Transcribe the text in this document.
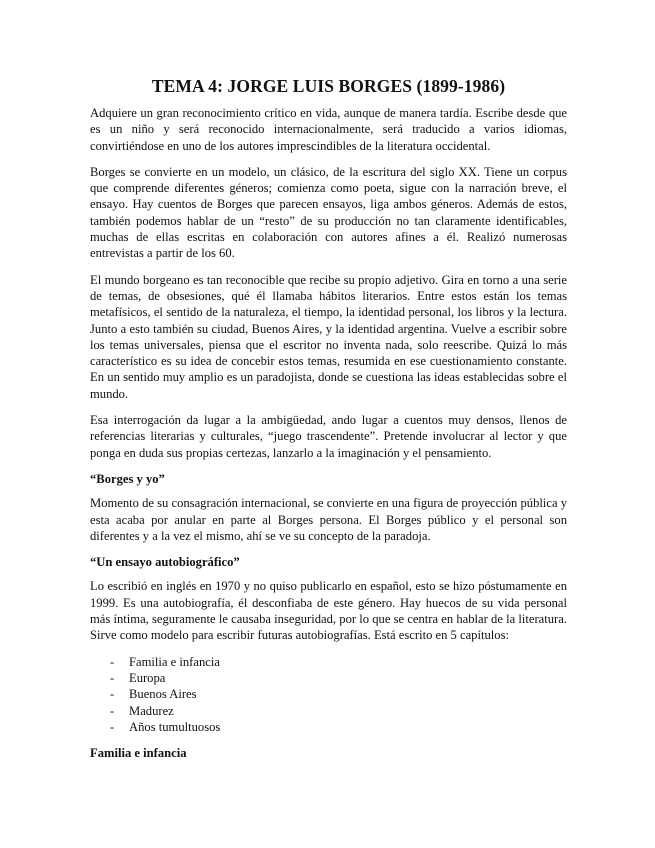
TEMA 4: JORGE LUIS BORGES (1899-1986)

Adquiere un gran reconocimiento crítico en vida, aunque de manera tardía. Escribe desde que es un niño y será reconocido internacionalmente, será traducido a varios idiomas, convirtiéndose en uno de los autores imprescindibles de la literatura occidental.

Borges se convierte en un modelo, un clásico, de la escritura del siglo XX. Tiene un corpus que comprende diferentes géneros; comienza como poeta, sigue con la narración breve, el ensayo. Hay cuentos de Borges que parecen ensayos, liga ambos géneros. Además de estos, también podemos hablar de un “resto” de su producción no tan claramente identificables, muchas de ellas escritas en colaboración con autores afines a él. Realizó numerosas entrevistas a partir de los 60.

El mundo borgeano es tan reconocible que recibe su propio adjetivo. Gira en torno a una serie de temas, de obsesiones, qué él llamaba hábitos literarios. Entre estos están los temas metafísicos, el sentido de la naturaleza, el tiempo, la identidad personal, los libros y la lectura. Junto a esto también su ciudad, Buenos Aires, y la identidad argentina. Vuelve a escribir sobre los temas universales, piensa que el escritor no inventa nada, solo reescribe. Quizá lo más característico es su idea de concebir estos temas, resumida en ese cuestionamiento constante. En un sentido muy amplio es un paradojista, donde se cuestiona las ideas establecidas sobre el mundo.

Esa interrogación da lugar a la ambigüedad, ando lugar a cuentos muy densos, llenos de referencias literarias y culturales, “juego trascendente”. Pretende involucrar al lector y que ponga en duda sus propias certezas, lanzarlo a la imaginación y el pensamiento.

“Borges y yo”

Momento de su consagración internacional, se convierte en una figura de proyección pública y esta acaba por anular en parte al Borges persona. El Borges público y el personal son diferentes y a la vez el mismo, ahí se ve su concepto de la paradoja.

“Un ensayo autobiográfico”

Lo escribió en inglés en 1970 y no quiso publicarlo en español, esto se hizo póstumamente en 1999. Es una autobiografía, él desconfiaba de este género. Hay huecos de su vida personal más íntima, seguramente le causaba inseguridad, por lo que se centra en hablar de la literatura. Sirve como modelo para escribir futuras autobiografías. Está escrito en 5 capítulos:

-	Familia e infancia
-	Europa
-	Buenos Aires
-	Madurez
-	Años tumultuosos
Familia e infancia
